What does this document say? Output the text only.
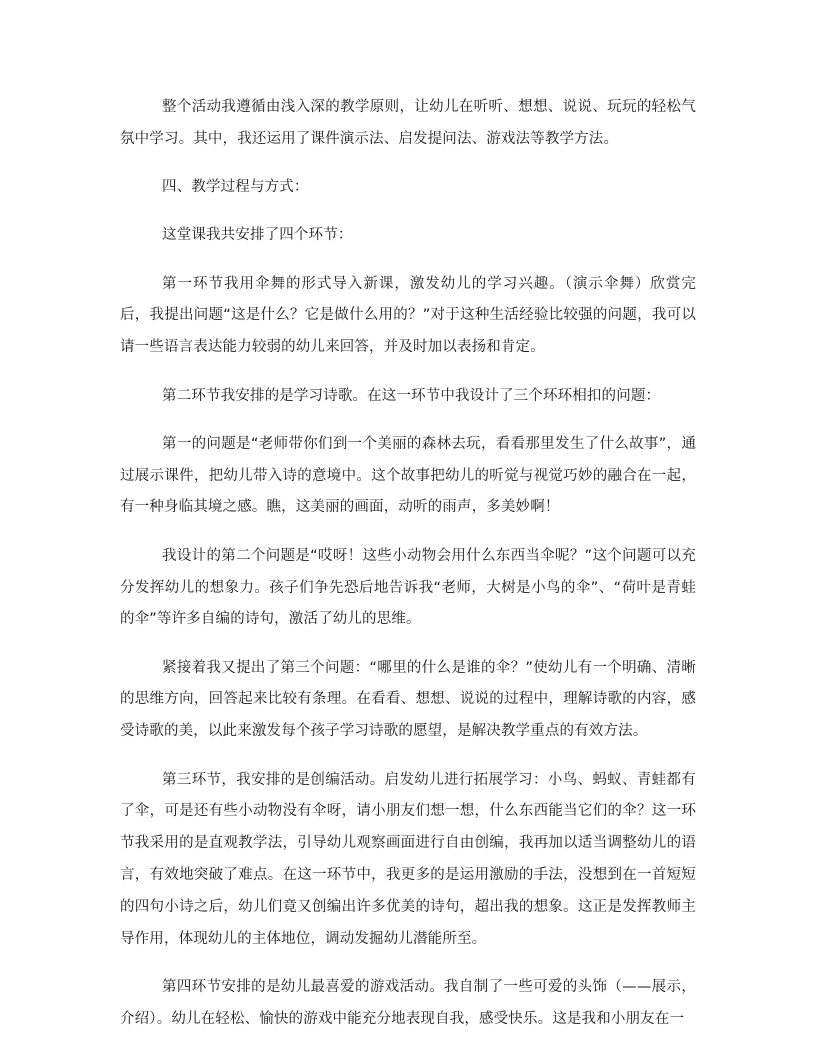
整个活动我遵循由浅入深的教学原则，让幼儿在听听、想想、说说、玩玩的轻松气氛中学习。其中，我还运用了课件演示法、启发提问法、游戏法等教学方法。

四、教学过程与方式：

这堂课我共安排了四个环节：

第一环节我用伞舞的形式导入新课，激发幼儿的学习兴趣。（演示伞舞）欣赏完后，我提出问题“这是什么？它是做什么用的？”对于这种生活经验比较强的问题，我可以请一些语言表达能力较弱的幼儿来回答，并及时加以表扬和肯定。

第二环节我安排的是学习诗歌。在这一环节中我设计了三个环环相扣的问题：

第一的问题是“老师带你们到一个美丽的森林去玩，看看那里发生了什么故事”，通过展示课件，把幼儿带入诗的意境中。这个故事把幼儿的听觉与视觉巧妙的融合在一起，有一种身临其境之感。瞧，这美丽的画面，动听的雨声，多美妙啊！

我设计的第二个问题是“哎呀！这些小动物会用什么东西当伞呢？”这个问题可以充分发挥幼儿的想象力。孩子们争先恐后地告诉我“老师，大树是小鸟的伞”、“荷叶是青蛙的伞”等许多自编的诗句，激活了幼儿的思维。

紧接着我又提出了第三个问题：“哪里的什么是谁的伞？”使幼儿有一个明确、清晰的思维方向，回答起来比较有条理。在看看、想想、说说的过程中，理解诗歌的内容，感受诗歌的美，以此来激发每个孩子学习诗歌的愿望，是解决教学重点的有效方法。

第三环节，我安排的是创编活动。启发幼儿进行拓展学习：小鸟、蚂蚁、青蛙都有了伞，可是还有些小动物没有伞呀，请小朋友们想一想，什么东西能当它们的伞？这一环节我采用的是直观教学法，引导幼儿观察画面进行自由创编，我再加以适当调整幼儿的语言，有效地突破了难点。在这一环节中，我更多的是运用激励的手法，没想到在一首短短的四句小诗之后，幼儿们竟又创编出许多优美的诗句，超出我的想象。这正是发挥教师主导作用，体现幼儿的主体地位，调动发掘幼儿潜能所至。

第四环节安排的是幼儿最喜爱的游戏活动。我自制了一些可爱的头饰（——展示，介绍）。幼儿在轻松、愉快的游戏中能充分地表现自我，感受快乐。这是我和小朋友在一
